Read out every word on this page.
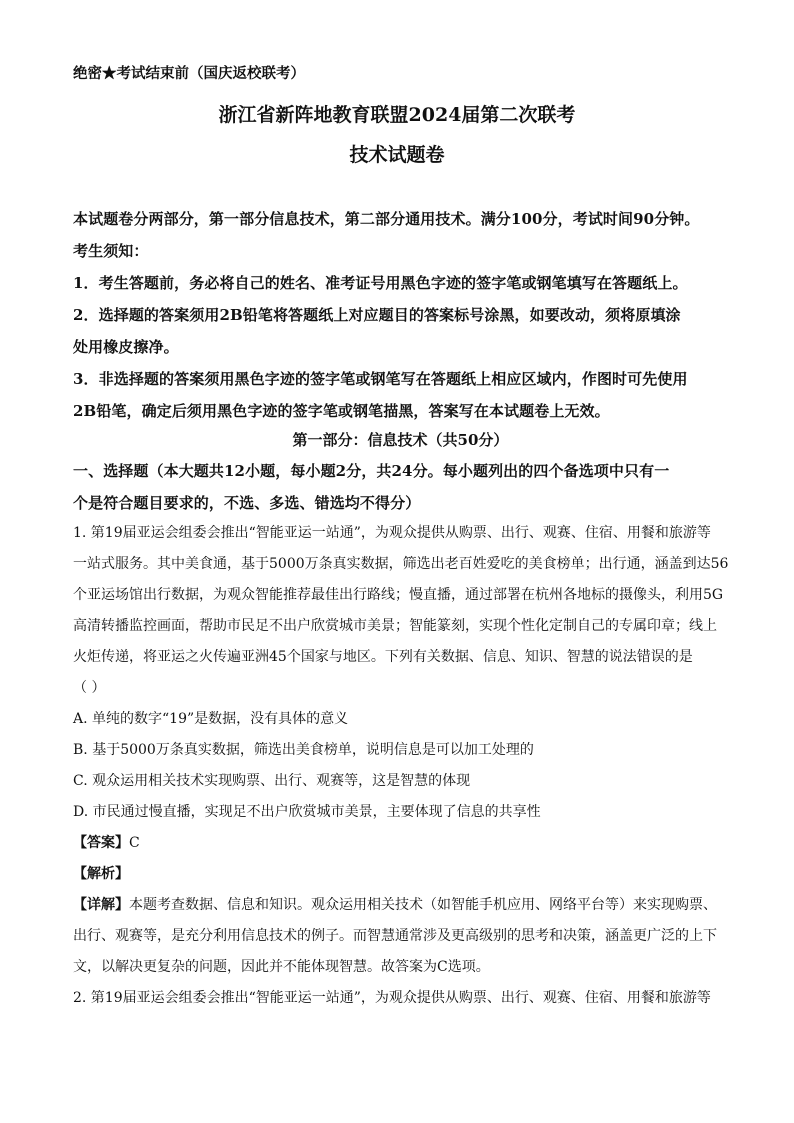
绝密★考试结束前（国庆返校联考）
浙江省新阵地教育联盟2024届第二次联考
技术试题卷
本试题卷分两部分，第一部分信息技术，第二部分通用技术。满分100分，考试时间90分钟。
考生须知：
1．考生答题前，务必将自己的姓名、准考证号用黑色字迹的签字笔或钢笔填写在答题纸上。
2．选择题的答案须用2B铅笔将答题纸上对应题目的答案标号涂黑，如要改动，须将原填涂
处用橡皮擦净。
3．非选择题的答案须用黑色字迹的签字笔或钢笔写在答题纸上相应区域内，作图时可先使用
2B铅笔，确定后须用黑色字迹的签字笔或钢笔描黑，答案写在本试题卷上无效。
第一部分：信息技术（共50分）
一、选择题（本大题共12小题，每小题2分，共24分。每小题列出的四个备选项中只有一
个是符合题目要求的，不选、多选、错选均不得分）
1. 第19届亚运会组委会推出“智能亚运一站通”，为观众提供从购票、出行、观赛、住宿、用餐和旅游等
一站式服务。其中美食通，基于5000万条真实数据，筛选出老百姓爱吃的美食榜单；出行通，涵盖到达56
个亚运场馆出行数据，为观众智能推荐最佳出行路线；慢直播，通过部署在杭州各地标的摄像头，利用5G
高清转播监控画面，帮助市民足不出户欣赏城市美景；智能篆刻，实现个性化定制自己的专属印章；线上
火炬传递，将亚运之火传遍亚洲45个国家与地区。下列有关数据、信息、知识、智慧的说法错误的是
（ ）
A. 单纯的数字“19”是数据，没有具体的意义
B. 基于5000万条真实数据，筛选出美食榜单，说明信息是可以加工处理的
C. 观众运用相关技术实现购票、出行、观赛等，这是智慧的体现
D. 市民通过慢直播，实现足不出户欣赏城市美景，主要体现了信息的共享性
【答案】C
【解析】
【详解】本题考查数据、信息和知识。观众运用相关技术（如智能手机应用、网络平台等）来实现购票、
出行、观赛等，是充分利用信息技术的例子。而智慧通常涉及更高级别的思考和决策，涵盖更广泛的上下
文，以解决更复杂的问题，因此并不能体现智慧。故答案为C选项。
2. 第19届亚运会组委会推出“智能亚运一站通”，为观众提供从购票、出行、观赛、住宿、用餐和旅游等
